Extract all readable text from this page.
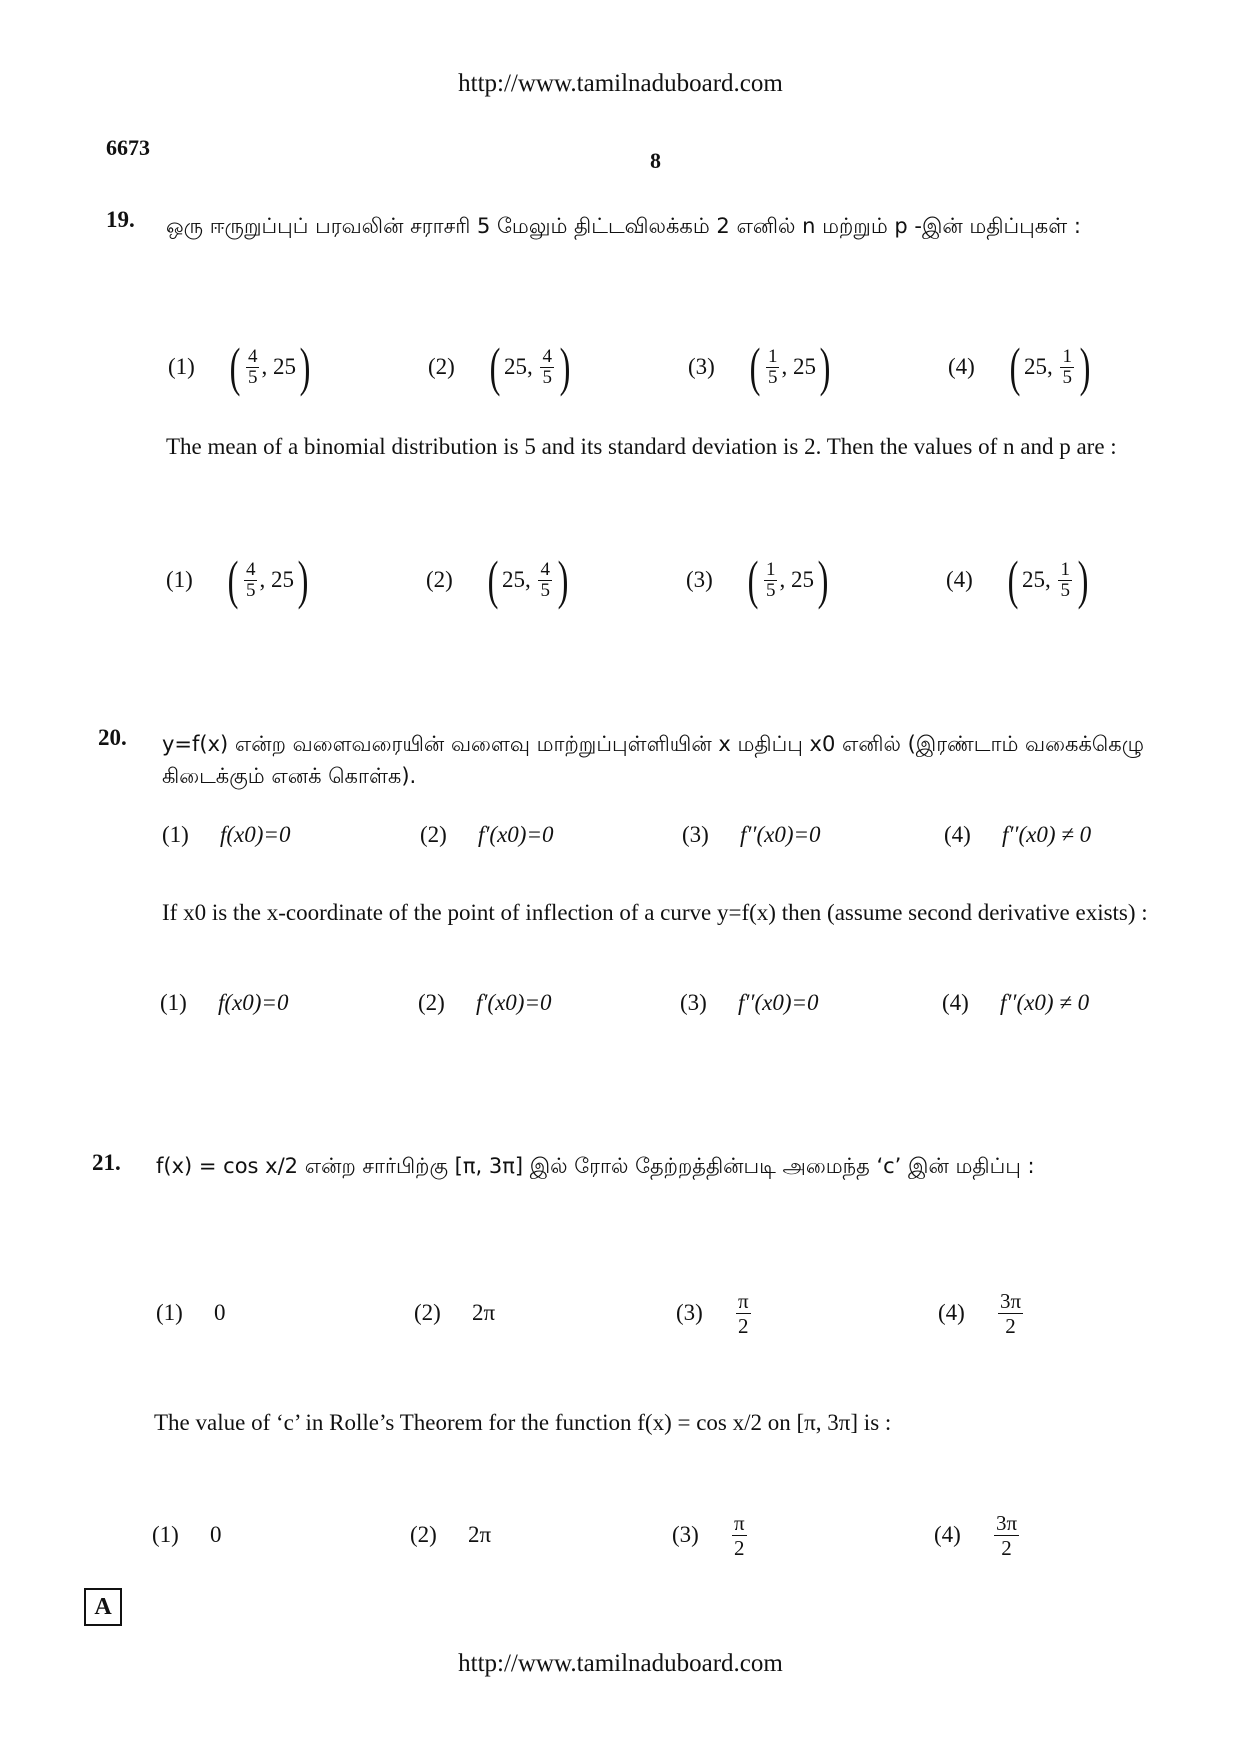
http://www.tamilnaduboard.com
6673
8
19. ஒரு ஈருறுப்புப் பரவலின் சராசரி 5 மேலும் திட்டவிலக்கம் 2 எனில் n மற்றும் p -இன் மதிப்புகள் :
(1) ( $\frac{4}{5}$ ,
25 )	(2) ( 25 ,
$\frac{4}{5}$ )	(3) ( $\frac{1}{5}$ ,
25 )	(4) ( 25 ,
$\frac{1}{5}$ )
The mean of a binomial distribution is 5 and its standard deviation is 2. Then the values of n and p are :
(1) ( $\frac{4}{5}$ ,
25 )	(2) ( 25 ,
$\frac{4}{5}$ )	(3) ( $\frac{1}{5}$ ,
25 )	(4) ( 25 ,
$\frac{1}{5}$ )
20. y=f(x) என்ற வளைவரையின் வளைவு மாற்றுப்புள்ளியின் x மதிப்பு x0 எனில் (இரண்டாம் வகைக்கெழு கிடைக்கும் எனக் கொள்க).
(1)	f(x0)=0	(2)	f′(x0)=0	(3)	f′′(x0)=0	(4)	f′′(x0) ≠ 0
If x0 is the x-coordinate of the point of inflection of a curve y=f(x) then (assume second derivative exists) :
(1)	f(x0)=0	(2)	f′(x0)=0	(3)	f′′(x0)=0	(4)	f′′(x0) ≠ 0
21. f(x) = cos x/2 என்ற சார்பிற்கு [π, 3π] இல் ரோல் தேற்றத்தின்படி அமைந்த ‘c’ இன் மதிப்பு :
(1)	0	(2)	2π	(3)	$\frac{\pi}{2}$	(4)	$\frac{3\pi}{2}$
The value of ‘c’ in Rolle’s Theorem for the function f(x) = cos x/2 on [π, 3π] is :
(1)	0	(2)	2π	(3)	$\frac{\pi}{2}$	(4)	$\frac{3\pi}{2}$
A
http://www.tamilnaduboard.com
